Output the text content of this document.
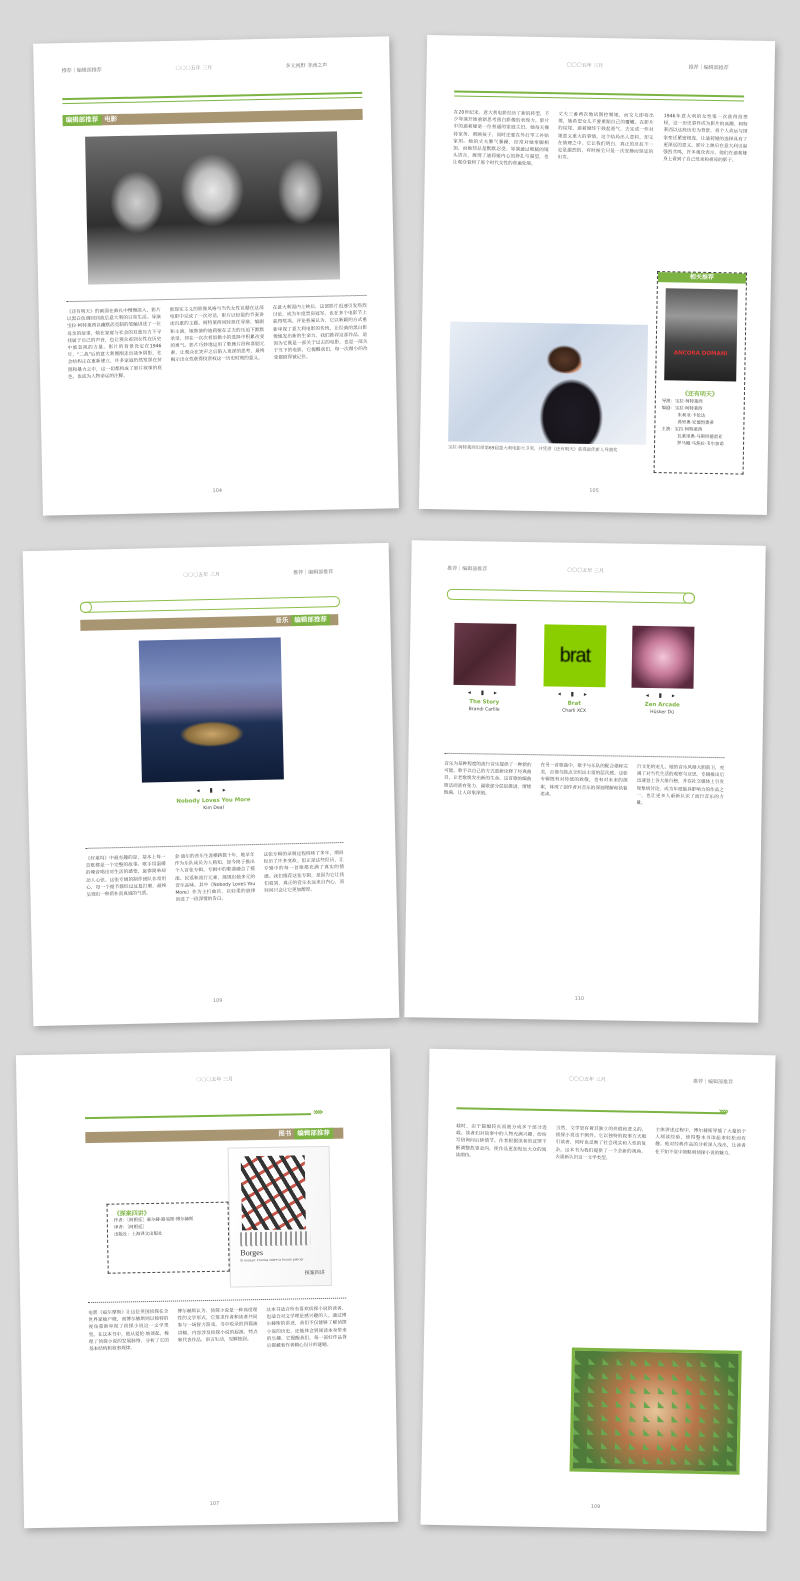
推荐｜编辑部推荐	〇〇〇五年 三月	多元视野 非洲之声
编辑部推荐 电影
《还有明天》的画面在典礼中慢慢淡入，影片以黑白色调回到战后意大利的日常生活。导演宝拉·柯特莱西以幽默而克制的笔触讲述了一位母亲的故事，她在家庭与社会的双重压力下寻找属于自己的声音，也让观众看到女性在历史中被忽视的力量。影片的背景设定在1946年，"二战"后的意大利刚刚走出战争阴影，社会结构正在重新建立，许多家庭仍然笼罩在贫困和暴力之中，这一切都构成了影片叙事的底色，也成为人物命运的注脚。
新现实主义的影像风格与当代女性议题在这部电影中完成了一次对话，影片以轻盈的节奏讲述沉重的主题。柯特莱西同时担任导演、编剧和主演，她饰演的迪莉娅在丈夫的压迫下默默承受，却在一次次看似微小的选择中积累改变的勇气。影片巧妙地运用了歌舞片段和喜剧元素，让观众在笑声之后陷入更深的思考，最终揭示出女性获得投票权这一历史时刻的意义。
在意大利国内上映后，这部影片迅速引发热烈讨论，成为年度票房冠军，也在多个电影节上获得奖项。评论普遍认为，它以新颖的方式重新审视了意大利电影的传统，让经典的黑白影像焕发出新的生命力。我们推荐这部作品，是因为它既是一部关于过去的电影，也是一部关于当下的电影，它提醒我们，每一次微小的改变都值得被记住。
104
〇〇〇五年 三月	推荐｜编辑部推荐
在20世纪末，意大利电影经历了新的转型，不少导演开始重新思考黑白影像的表现力。影片中的迪莉娅是一位普通的家庭主妇，她每天操持家务、照顾孩子，同时还要在外打零工补贴家用。她的丈夫脾气暴躁，经常对她拳脚相加，而她却总是默默忍受。导演通过细腻的镜头语言，展现了迪莉娅内心的挣扎与渴望，也让观众看到了那个时代女性的普遍处境。
丈夫三番两次地试图控制她，而女儿即将出嫁，她希望女儿不要重蹈自己的覆辙。在影片的结尾，迪莉娅终于鼓起勇气，去完成一件对她意义重大的事情。这个结局出人意料，却又在情理之中。它让我们明白，真正的反抗不一定是激烈的，有时候它只是一次安静而坚定的出发。
1946年意大利的女性第一次获得投票权，这一历史事件成为影片的高潮。柯特莱西以这段历史为背景，将个人命运与国家变迁紧密相连，让迪莉娅的选择具有了更深远的意义。影片上映后在意大利引起强烈共鸣，许多观众表示，他们在迪莉娅身上看到了自己母亲和祖母的影子。
宝拉·柯特莱西出席第69届意大利电影大卫奖，并凭借《还有明天》获得最佳新人导演奖
相关推荐
ANCORA DOMANI
《还有明天》
导演：宝拉·柯特莱西
编剧：宝拉·柯特莱西
朱利亚·卡伦达
弗里奥·安德烈奥蒂
主演：宝拉·柯特莱西
瓦莱里奥·马斯坦德雷亚
罗马娜·马焦拉·韦尔加诺
105
〇〇〇五年 三月	推荐｜编辑部推荐
音乐 编辑部推荐
◂ ▮ ▸
Nobody Loves You More
Kim Deal
《好莱坞》中最有趣的是，基本上每一首歌都是一个完整的故事。歌手用温暖的嗓音唱出对生活的感悟，旋律简单却动人心弦。这张专辑的制作团队非常用心，每一个细节都经过反复打磨，最终呈现出一种质朴而真诚的气质。
金·迪尔的音乐生涯横跨数十年，她早年作为乐队成员为人熟知，如今终于推出个人首张专辑。专辑中的歌曲融合了摇滚、民谣和流行元素，展现出她多元的音乐品味。其中《Nobody Loves You More》作为主打曲目，以轻柔的旋律讲述了一段深情的告白。
这张专辑的录制过程持续了多年，期间经历了许多变故。但正是这些经历，让专辑中的每一首歌都充满了真实的情感。我们推荐这张专辑，是因为它让我们看到，真正的音乐永远来自内心，而时间只会让它更加醇厚。
109
推荐｜编辑部推荐	〇〇〇五年 三月
◂ ▮ ▸
The Story
Brandi Carlile
brat
◂ ▮ ▸
Brat
Charli XCX
◂ ▮ ▸
Zen Arcade
Hüsker Dü
音乐为某种程度的流行音乐提供了一种新的可能。歌手以自己的方式重新诠释了经典曲目，让老歌焕发出新的生命。这首歌的编曲简洁而富有张力，副歌部分层层推进，情绪饱满，让人印象深刻。
在另一首歌曲中，歌手与乐队的配合堪称完美，吉他与鼓点交织出丰富的层次感。这张专辑既有对传统的致敬，也有对未来的探索，体现了创作者对音乐的深刻理解和执着追求。
行文化的宠儿，她的音乐风格大胆前卫，充满了对当代生活的观察与反思。专辑推出后迅速登上各大排行榜，并在社交媒体上引发现象级讨论，成为年度最具影响力的作品之一，也让更多人重新认识了流行音乐的力量。
110
〇〇〇五年 三月
››››
图书 编辑部推荐
Borges
El ensayo: Charlas sobre la ficción policial
探案四讲
《探案四讲》
作者：［阿根廷］豪尔赫·路易斯·博尔赫斯
译者：［阿根廷］
出版社：上海译文出版社
电影《福尔摩斯》让这位英国侦探在全世界家喻户晓，而博尔赫斯则以独特的视角重新审视了侦探小说这一文学类型。在这本书中，他从爱伦·坡谈起，梳理了侦探小说的发展脉络，分析了它的基本结构和叙事规律。
博尔赫斯认为，侦探小说是一种高度理性的文学形式，它要求作者和读者共同参与一场智力游戏。书中收录的四篇演讲稿，内容涉及侦探小说的起源、特点和代表作品，语言生动，见解独到。
这本书适合所有喜欢侦探小说的读者，也适合对文学理论感兴趣的人。通过博尔赫斯的讲述，我们不仅能够了解侦探小说的历史，还能体会到阅读本身带来的乐趣。它提醒我们，每一部好作品背后都藏着作者精心设计的谜题。
107
〇〇〇五年 三月	推荐｜编辑部推荐
››››
载时，由于篇幅较长而被分成多个部分连载。读者们对故事中的人物充满兴趣，纷纷写信询问后续情节。作者根据读者的反馈不断调整故事走向，使作品更加贴近大众的阅读期待。
当然，文学是有着其独立的价值和意义的，侦探小说也不例外。它以独特的叙事方式吸引读者，同时也反映了社会现实和人性的复杂。这本书为我们提供了一个全新的视角，去重新认识这一文学类型。
主体讲述过程中，博尔赫斯穿插了大量的个人阅读经验，使得整本书读起来轻松而有趣。他对经典作品的分析深入浅出，让读者在不知不觉中领略到侦探小说的魅力。
109
